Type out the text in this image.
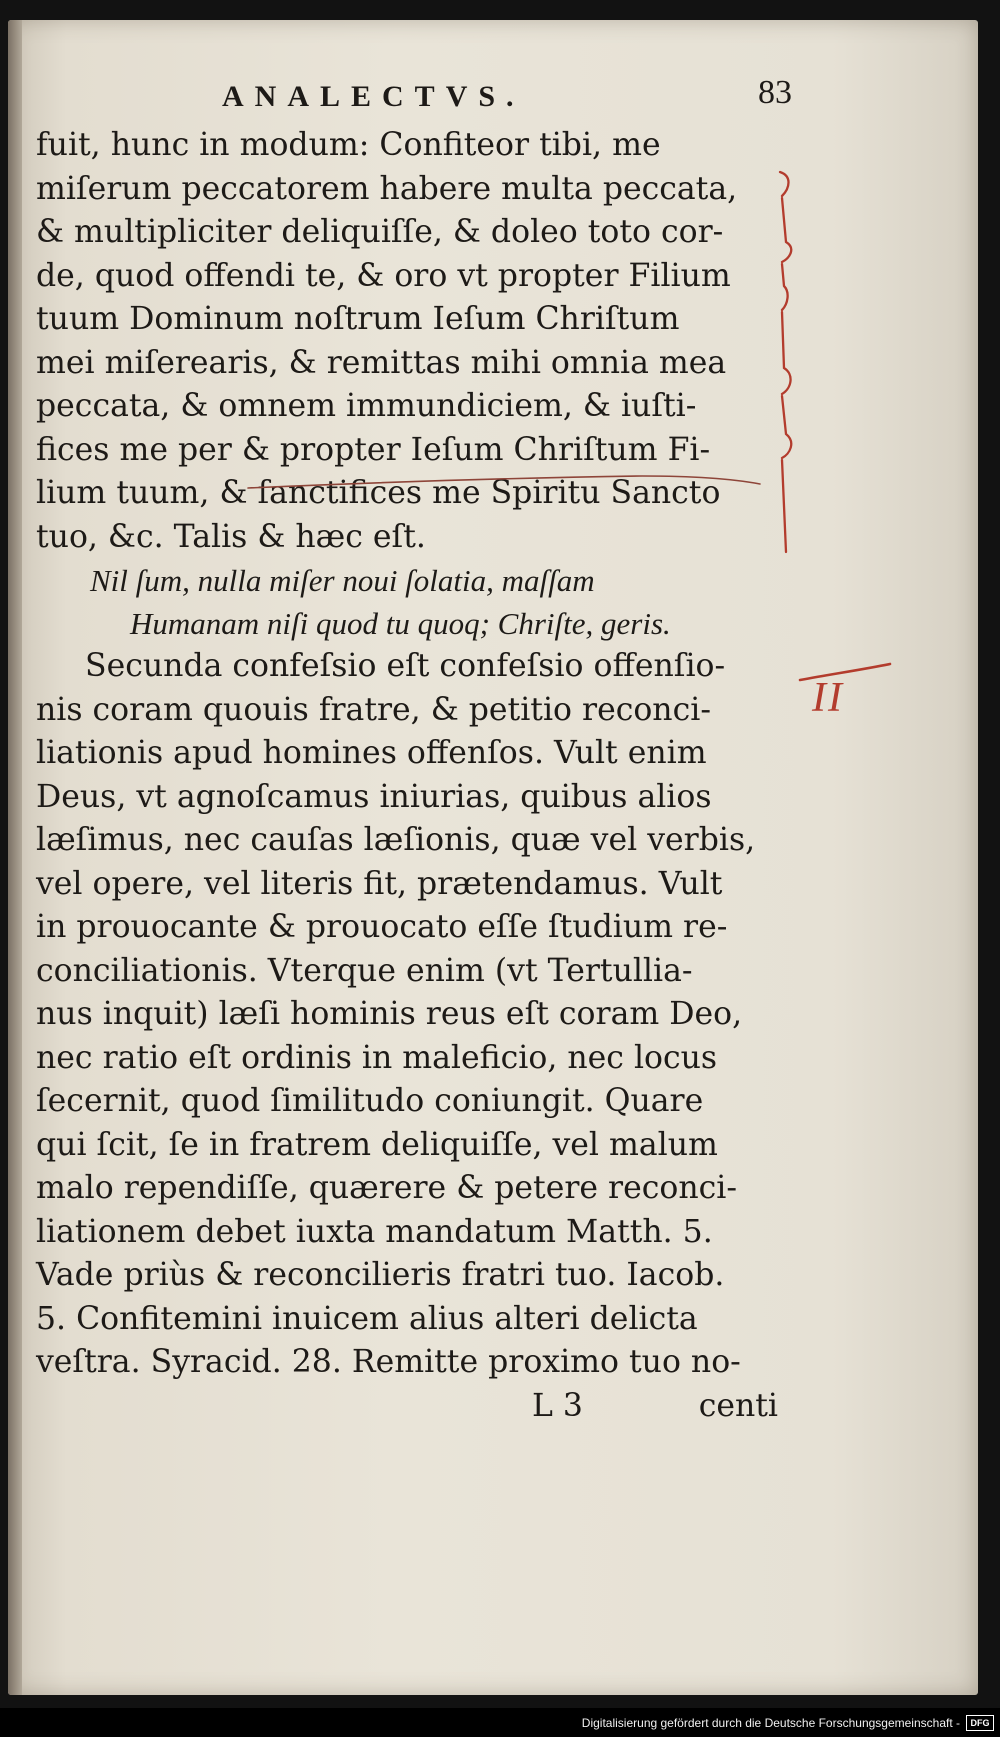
ANALECTVS.	83
fuit, hunc in modum: Confiteor tibi, me
miſerum peccatorem habere multa peccata,
& multipliciter deliquiſſe, & doleo toto cor-
de, quod offendi te, & oro vt propter Filium
tuum Dominum noſtrum Ieſum Chriſtum
mei miſerearis, & remittas mihi omnia mea
peccata, & omnem immundiciem, & iuſti-
fices me per & propter Ieſum Chriſtum Fi-
lium tuum, & ſanctifices me Spiritu Sancto
tuo, &c. Talis & hæc eſt.
Nil ſum, nulla miſer noui ſolatia, maſſam
Humanam niſi quod tu quoq; Chriſte, geris.
Secunda confeſsio eſt confeſsio offenſio-
nis coram quouis fratre, & petitio reconci-
liationis apud homines offenſos. Vult enim
Deus, vt agnoſcamus iniurias, quibus alios
læſimus, nec cauſas læſionis, quæ vel verbis,
vel opere, vel literis fit, prætendamus. Vult
in prouocante & prouocato eſſe ſtudium re-
conciliationis. Vterque enim (vt Tertullia-
nus inquit) læſi hominis reus eſt coram Deo,
nec ratio eſt ordinis in maleficio, nec locus
ſecernit, quod ſimilitudo coniungit. Quare
qui ſcit, ſe in fratrem deliquiſſe, vel malum
malo rependiſſe, quærere & petere reconci-
liationem debet iuxta mandatum Matth. 5.
Vade priùs & reconcilieris fratri tuo. Iacob.
5. Confitemini inuicem alius alteri delicta
veſtra. Syracid. 28. Remitte proximo tuo no-
L 3	centi
II
Digitalisierung gefördert durch die Deutsche Forschungsgemeinschaft -	DFG
